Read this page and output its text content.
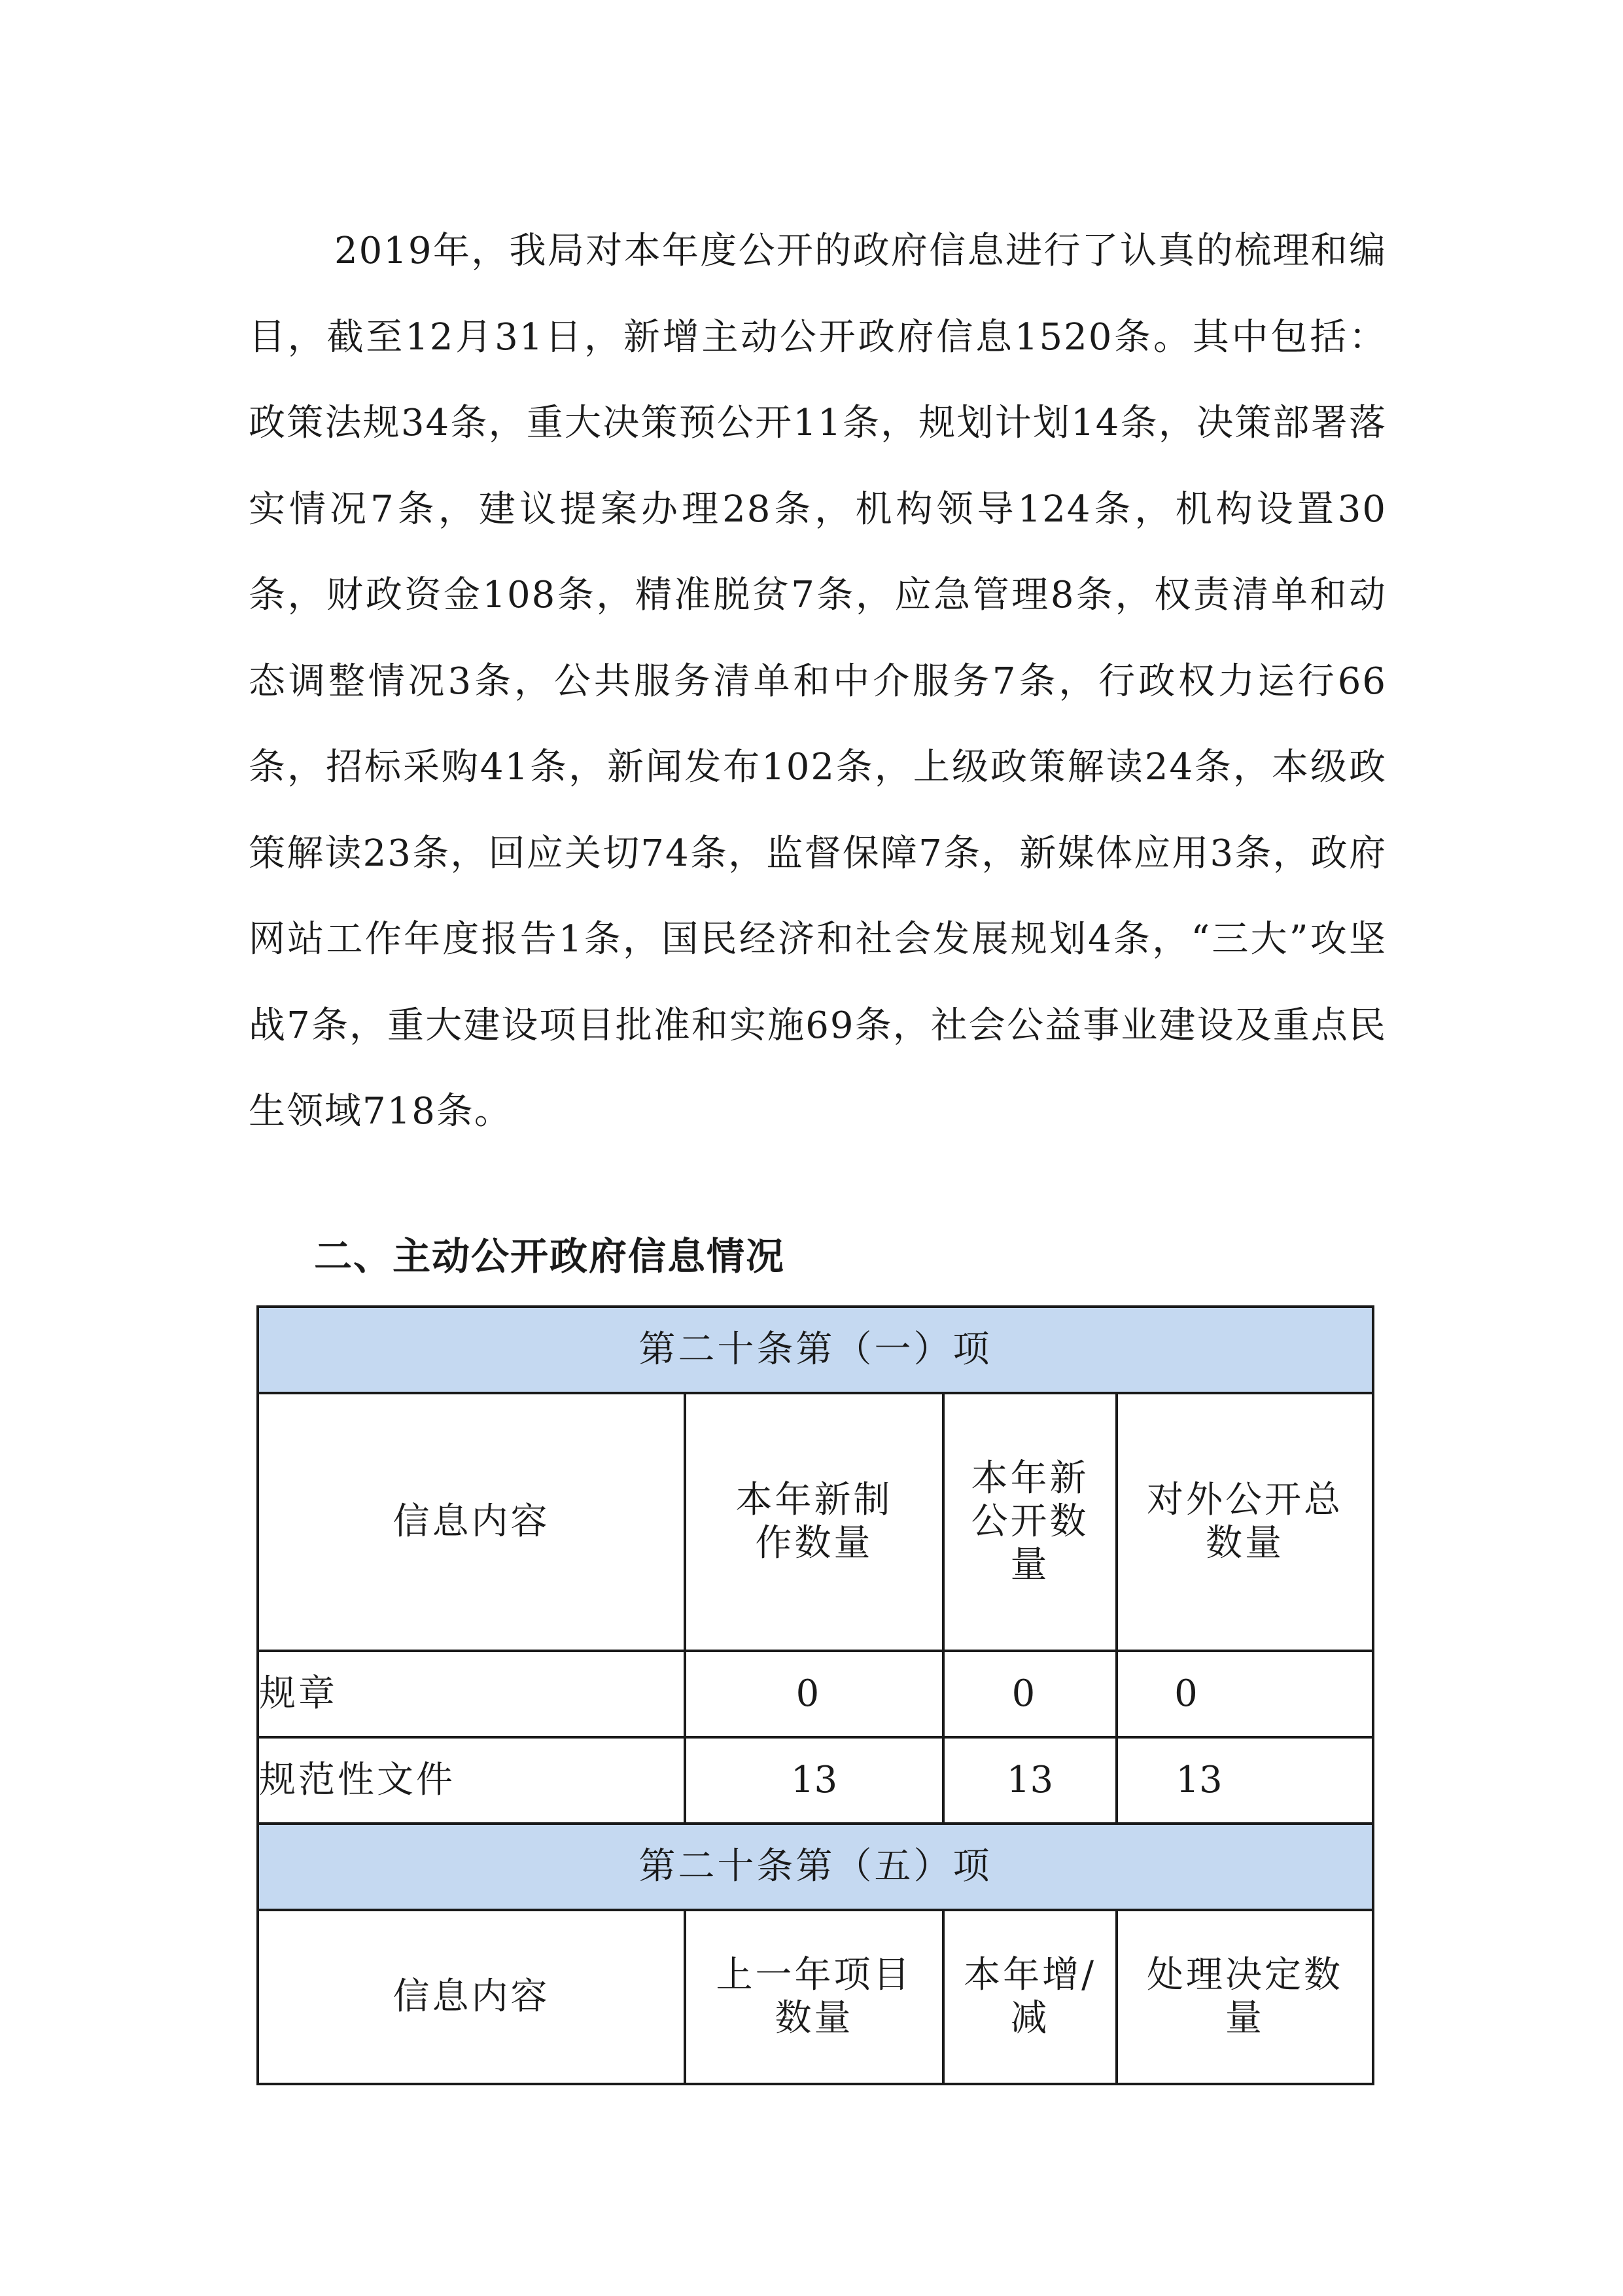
2019年，我局对本年度公开的政府信息进行了认真的梳理和编目，截至12月31日，新增主动公开政府信息1520条。其中包括：政策法规34条，重大决策预公开11条，规划计划14条，决策部署落实情况7条，建议提案办理28条，机构领导124条，机构设置30条，财政资金108条，精准脱贫7条，应急管理8条，权责清单和动态调整情况3条，公共服务清单和中介服务7条，行政权力运行66条，招标采购41条，新闻发布102条，上级政策解读24条，本级政策解读23条，回应关切74条，监督保障7条，新媒体应用3条，政府网站工作年度报告1条，国民经济和社会发展规划4条，“三大”攻坚战7条，重大建设项目批准和实施69条，社会公益事业建设及重点民生领域718条。

二、主动公开政府信息情况
第二十条第（一）项			
信息内容	本年新制作数量	本年新公开数量	对外公开总数量
规章	0	0	0
规范性文件	13	13	13
第二十条第（五）项			
信息内容	上一年项目数量	本年增/减	处理决定数量
